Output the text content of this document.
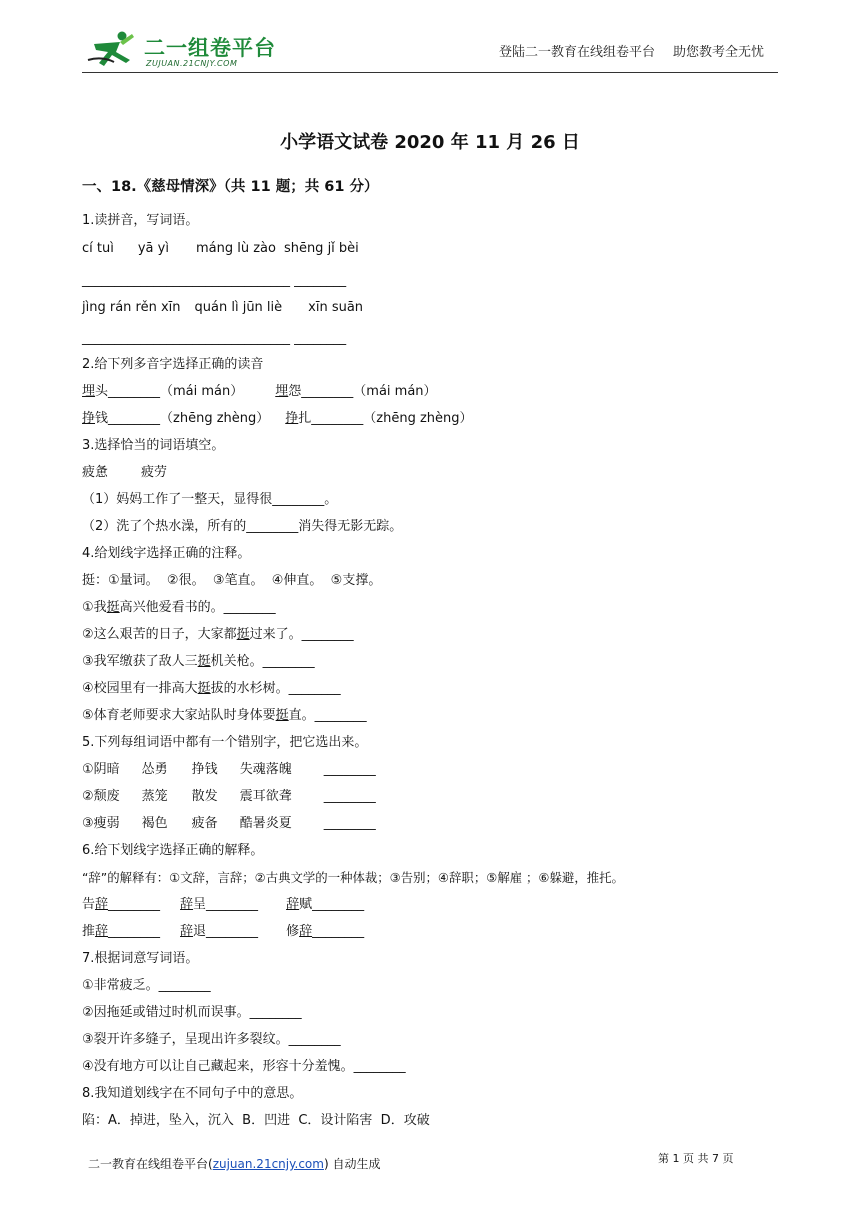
二一组卷平台
ZUJUAN.21CNJY.COM
登陆二一教育在线组卷平台 助您教考全无忧
小学语文试卷 2020 年 11 月 26 日
一、18.《慈母情深》（共 11 题；共 61 分）
1.读拼音，写词语。
cí tuì yā yì máng lù zào shēng jǐ bèi
________________________________ ________
jìng rán rěn xīn quán lì jūn liè xīn suān
________________________________ ________
2.给下列多音字选择正确的读音
埋头________（mái mán） 埋怨________（mái mán）
挣钱________（zhēng zhèng） 挣扎________（zhēng zhèng）
3.选择恰当的词语填空。
疲惫        疲劳
（1）妈妈工作了一整天，显得很________。
（2）洗了个热水澡，所有的________消失得无影无踪。
4.给划线字选择正确的注释。
挺：①量词。  ②很。  ③笔直。  ④伸直。  ⑤支撑。
①我挺高兴他爱看书的。________
②这么艰苦的日子，大家都挺过来了。________
③我军缴获了敌人三挺机关枪。________
④校园里有一排高大挺拔的水杉树。________
⑤体育老师要求大家站队时身体要挺直。________
5.下列每组词语中都有一个错别字，把它选出来。
①阴暗 怂勇 挣钱 失魂落魄 ________
②颓废 蒸笼 散发 震耳欲聋 ________
③瘦弱 褐色 疲备 酷暑炎夏 ________
6.给下划线字选择正确的解释。
“辞”的解释有：①文辞，言辞；②古典文学的一种体裁；③告别；④辞职；⑤解雇 ；⑥躲避，推托。
告辞________ 辞呈________ 辞赋________
推辞________ 辞退________ 修辞________
7.根据词意写词语。
①非常疲乏。________
②因拖延或错过时机而误事。________
③裂开许多缝子，呈现出许多裂纹。________
④没有地方可以让自己藏起来，形容十分羞愧。________
8.我知道划线字在不同句子中的意思。
陷：A．掉进，坠入，沉入  B．凹进  C．设计陷害  D．攻破
二一教育在线组卷平台(zujuan.21cnjy.com) 自动生成	第 1 页 共 7 页
